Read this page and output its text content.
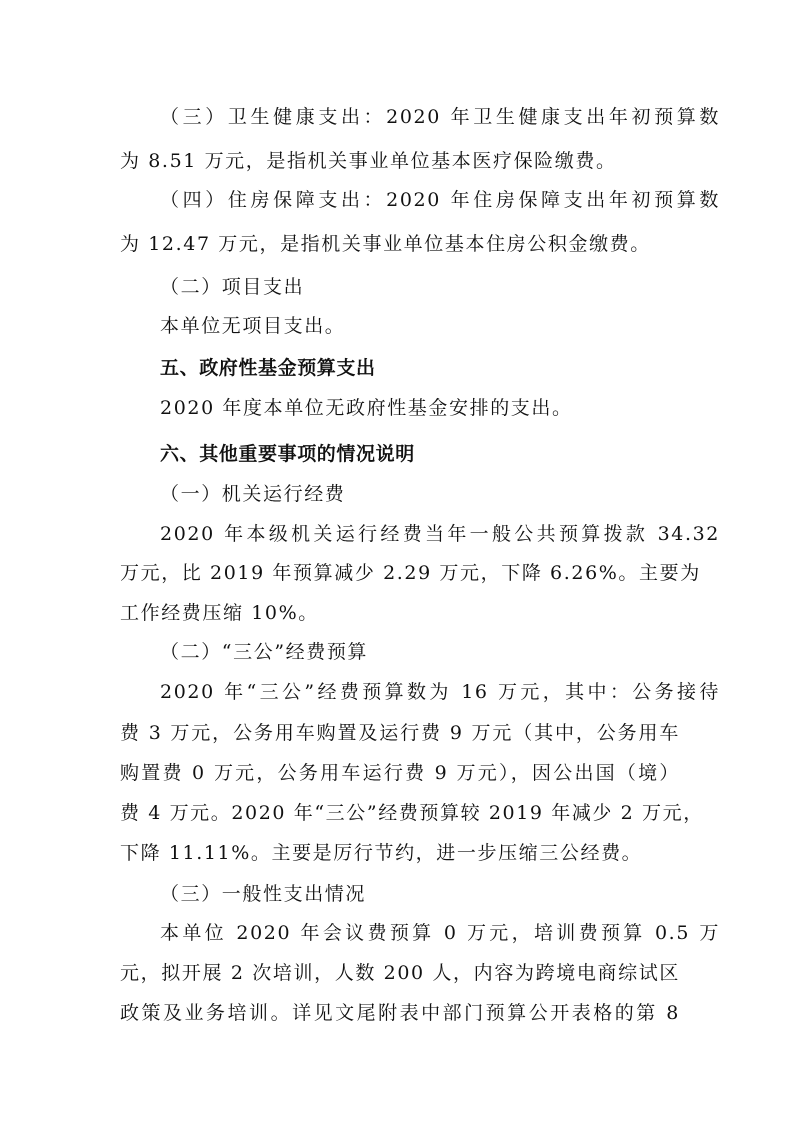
（三）卫生健康支出：2020 年卫生健康支出年初预算数
为 8.51 万元，是指机关事业单位基本医疗保险缴费。
（四）住房保障支出：2020 年住房保障支出年初预算数
为 12.47 万元，是指机关事业单位基本住房公积金缴费。
（二）项目支出
本单位无项目支出。
五、政府性基金预算支出
2020 年度本单位无政府性基金安排的支出。
六、其他重要事项的情况说明
（一）机关运行经费
2020 年本级机关运行经费当年一般公共预算拨款 34.32
万元，比 2019 年预算减少 2.29 万元，下降 6.26%。主要为
工作经费压缩 10%。
（二）“三公”经费预算
2020 年“三公”经费预算数为 16 万元，其中：公务接待
费 3 万元，公务用车购置及运行费 9 万元（其中，公务用车
购置费 0 万元，公务用车运行费 9 万元），因公出国（境）
费 4 万元。2020 年“三公”经费预算较 2019 年减少 2 万元，
下降 11.11%。主要是厉行节约，进一步压缩三公经费。
（三）一般性支出情况
本单位 2020 年会议费预算 0 万元，培训费预算 0.5 万
元，拟开展 2 次培训，人数 200 人，内容为跨境电商综试区
政策及业务培训。详见文尾附表中部门预算公开表格的第 8
